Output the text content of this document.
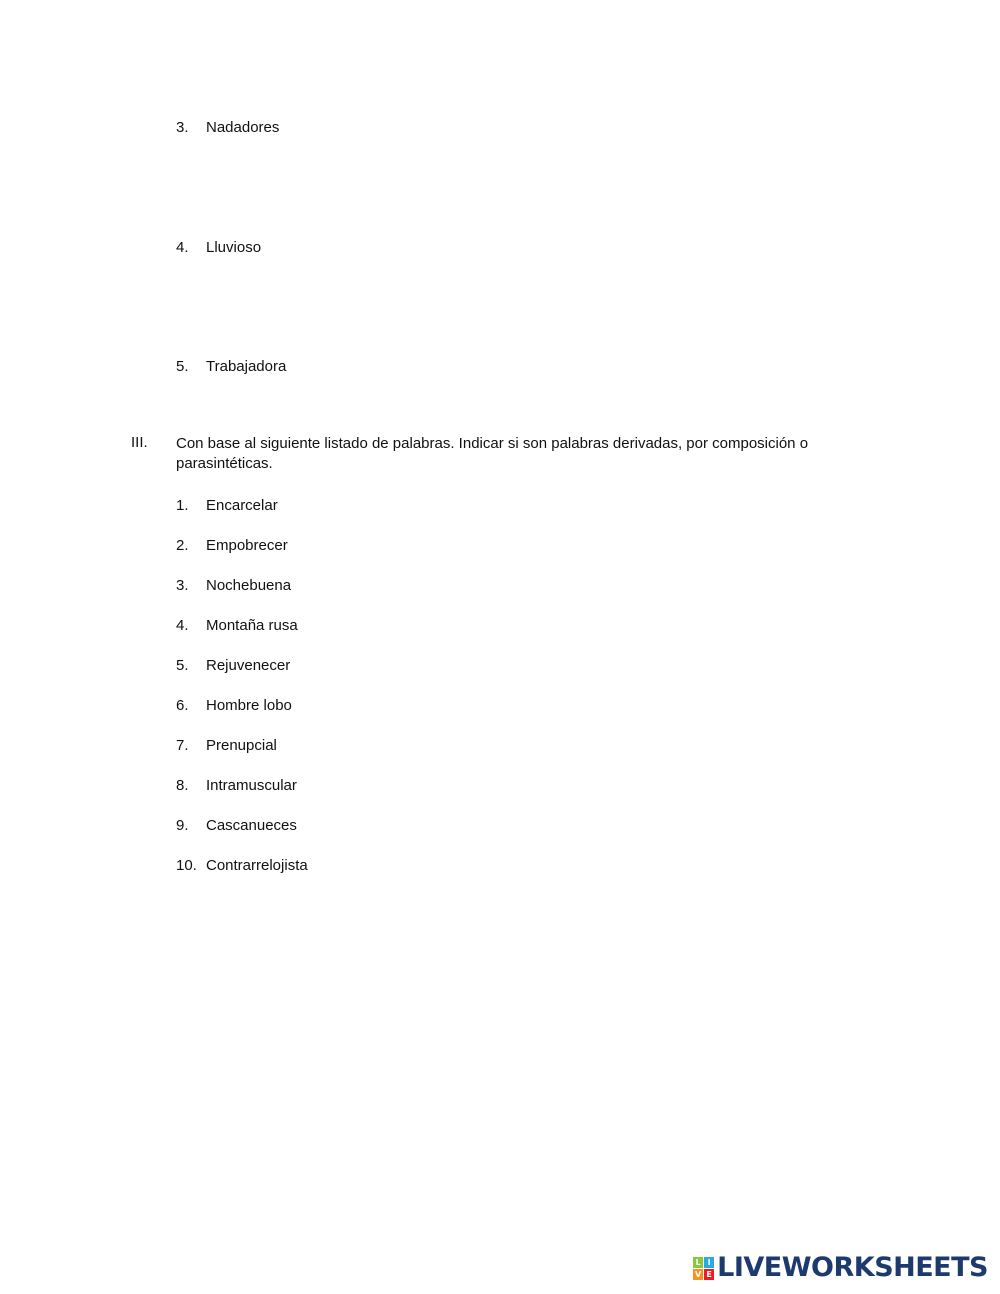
3. Nadadores
4. Lluvioso
5. Trabajadora
III. Con base al siguiente listado de palabras. Indicar si son palabras derivadas, por composición o parasintéticas.
1. Encarcelar
2. Empobrecer
3. Nochebuena
4. Montaña rusa
5. Rejuvenecer
6. Hombre lobo
7. Prenupcial
8. Intramuscular
9. Cascanueces
10. Contrarrelojista
L I
V E LIVEWORKSHEETS
